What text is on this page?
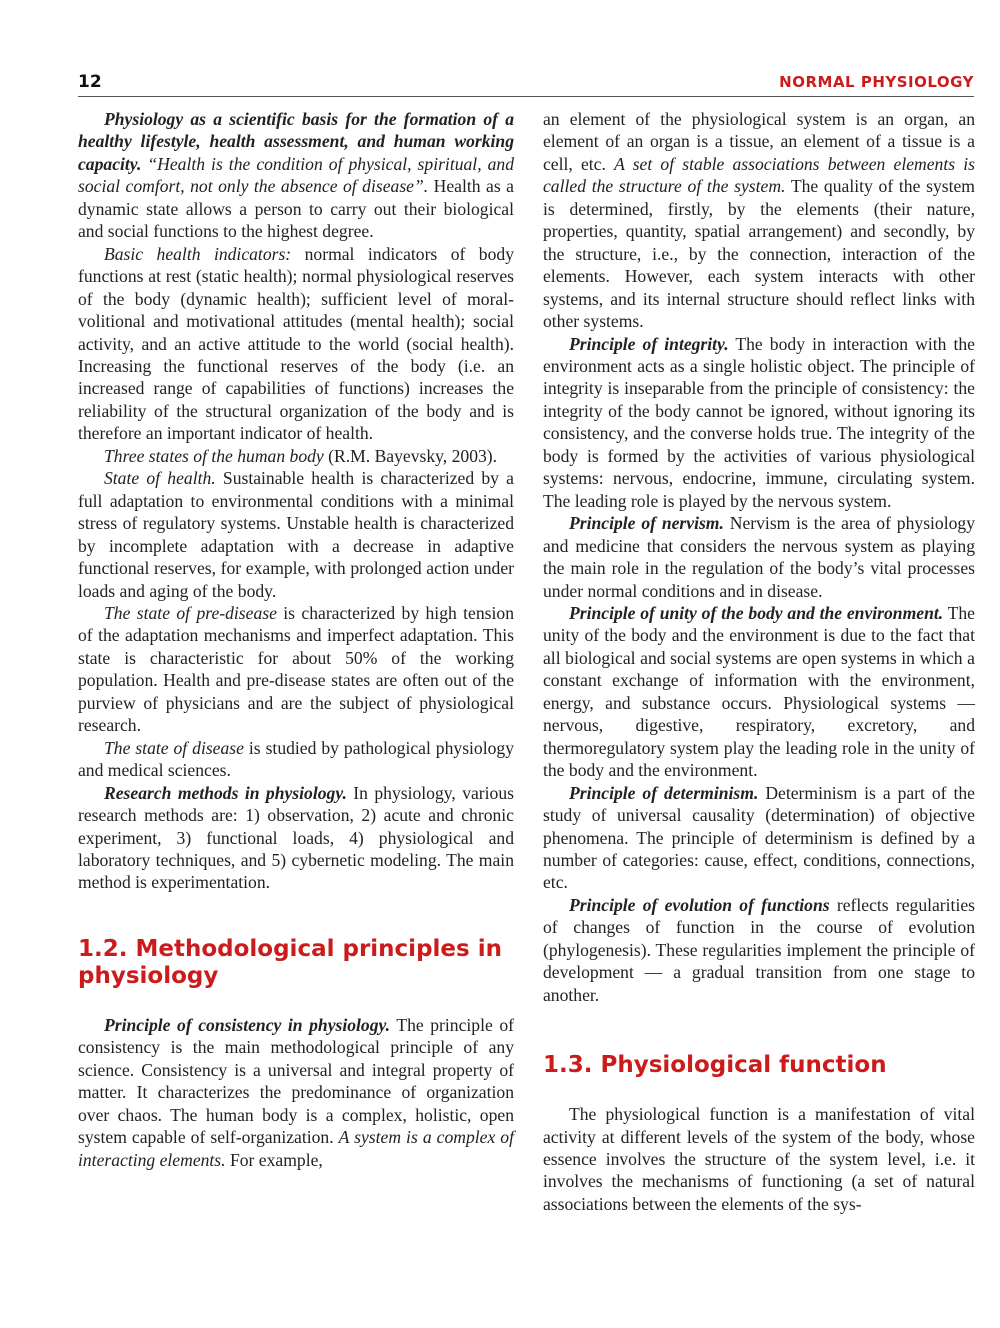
12	NORMAL PHYSIOLOGY

Physiology as a scientific basis for the formation of a healthy lifestyle, health assessment, and human working capacity. “Health is the condition of physical, spiritual, and social comfort, not only the absence of disease”. Health as a dynamic state allows a person to carry out their biological and social functions to the highest degree.

Basic health indicators: normal indicators of body functions at rest (static health); normal physiological reserves of the body (dynamic health); sufficient level of moral-volitional and motivational attitudes (mental health); social activity, and an active attitude to the world (social health). Increasing the functional reserves of the body (i.e. an increased range of capabilities of functions) increases the reliability of the structural organization of the body and is therefore an important indicator of health.

Three states of the human body (R.M. Bayevsky, 2003).

State of health. Sustainable health is characterized by a full adaptation to environmental conditions with a minimal stress of regulatory systems. Unstable health is characterized by incomplete adaptation with a decrease in adaptive functional reserves, for example, with prolonged action under loads and aging of the body.

The state of pre-disease is characterized by high tension of the adaptation mechanisms and imperfect adaptation. This state is characteristic for about 50% of the working population. Health and pre-disease states are often out of the purview of physicians and are the subject of physiological research.

The state of disease is studied by pathological physiology and medical sciences.

Research methods in physiology. In physiology, various research methods are: 1) observation, 2) acute and chronic experiment, 3) functional loads, 4) physiological and laboratory techniques, and 5) cybernetic modeling. The main method is experimentation.

1.2. Methodological principles in physiology

Principle of consistency in physiology. The principle of consistency is the main methodological principle of any science. Consistency is a universal and integral property of matter. It characterizes the predominance of organization over chaos. The human body is a complex, holistic, open system capable of self-organization. A system is a complex of interacting elements. For example,

an element of the physiological system is an organ, an element of an organ is a tissue, an element of a tissue is a cell, etc. A set of stable associations between elements is called the structure of the system. The quality of the system is determined, firstly, by the elements (their nature, properties, quantity, spatial arrangement) and secondly, by the structure, i.e., by the connection, interaction of the elements. However, each system interacts with other systems, and its internal structure should reflect links with other systems.

Principle of integrity. The body in interaction with the environment acts as a single holistic object. The principle of integrity is inseparable from the principle of consistency: the integrity of the body cannot be ignored, without ignoring its consistency, and the converse holds true. The integrity of the body is formed by the activities of various physiological systems: nervous, endocrine, immune, circulating system. The leading role is played by the nervous system.

Principle of nervism. Nervism is the area of physiology and medicine that considers the nervous system as playing the main role in the regulation of the body’s vital processes under normal conditions and in disease.

Principle of unity of the body and the environment. The unity of the body and the environment is due to the fact that all biological and social systems are open systems in which a constant exchange of information with the environment, energy, and substance occurs. Physiological systems — nervous, digestive, respiratory, excretory, and thermoregulatory system play the leading role in the unity of the body and the environment.

Principle of determinism. Determinism is a part of the study of universal causality (determination) of objective phenomena. The principle of determinism is defined by a number of categories: cause, effect, conditions, connections, etc.

Principle of evolution of functions reflects regularities of changes of function in the course of evolution (phylogenesis). These regularities implement the principle of development — a gradual transition from one stage to another.

1.3. Physiological function

The physiological function is a manifestation of vital activity at different levels of the system of the body, whose essence involves the structure of the system level, i.e. it involves the mechanisms of functioning (a set of natural associations between the elements of the sys-
